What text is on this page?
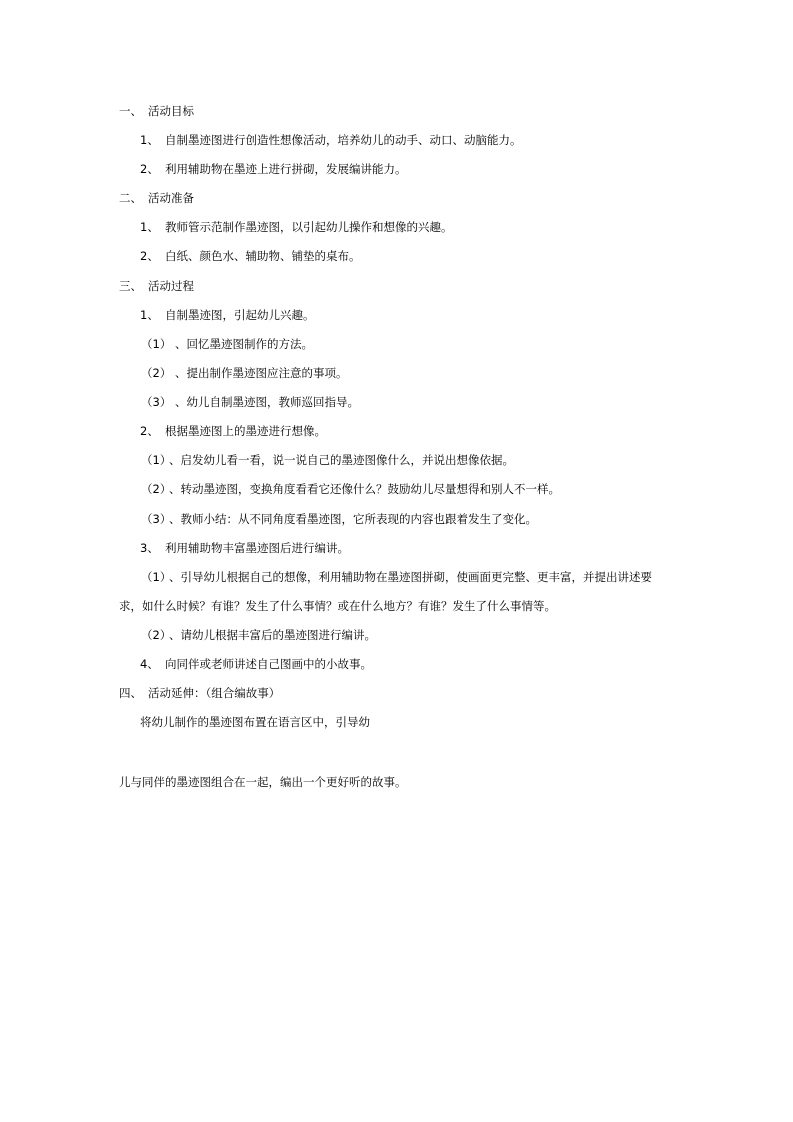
一、 活动目标
1、 自制墨迹图进行创造性想像活动，培养幼儿的动手、动口、动脑能力。
2、 利用辅助物在墨迹上进行拼砌，发展编讲能力。
二、 活动准备
1、 教师管示范制作墨迹图，以引起幼儿操作和想像的兴趣。
2、 白纸、颜色水、辅助物、铺垫的桌布。
三、 活动过程
1、 自制墨迹图，引起幼儿兴趣。
（1） 、回忆墨迹图制作的方法。
（2） 、提出制作墨迹图应注意的事项。
（3） 、幼儿自制墨迹图，教师巡回指导。
2、 根据墨迹图上的墨迹进行想像。
（1）、启发幼儿看一看，说一说自己的墨迹图像什么，并说出想像依据。
（2）、转动墨迹图，变换角度看看它还像什么？鼓励幼儿尽量想得和别人不一样。
（3）、教师小结：从不同角度看墨迹图，它所表现的内容也跟着发生了变化。
3、 利用辅助物丰富墨迹图后进行编讲。
（1）、引导幼儿根据自己的想像，利用辅助物在墨迹图拼砌，使画面更完整、更丰富，并提出讲述要
求，如什么时候？有谁？发生了什么事情？或在什么地方？有谁？发生了什么事情等。
（2）、请幼儿根据丰富后的墨迹图进行编讲。
4、 向同伴或老师讲述自己图画中的小故事。
四、 活动延伸：（组合编故事）
将幼儿制作的墨迹图布置在语言区中，引导幼
儿与同伴的墨迹图组合在一起，编出一个更好听的故事。
